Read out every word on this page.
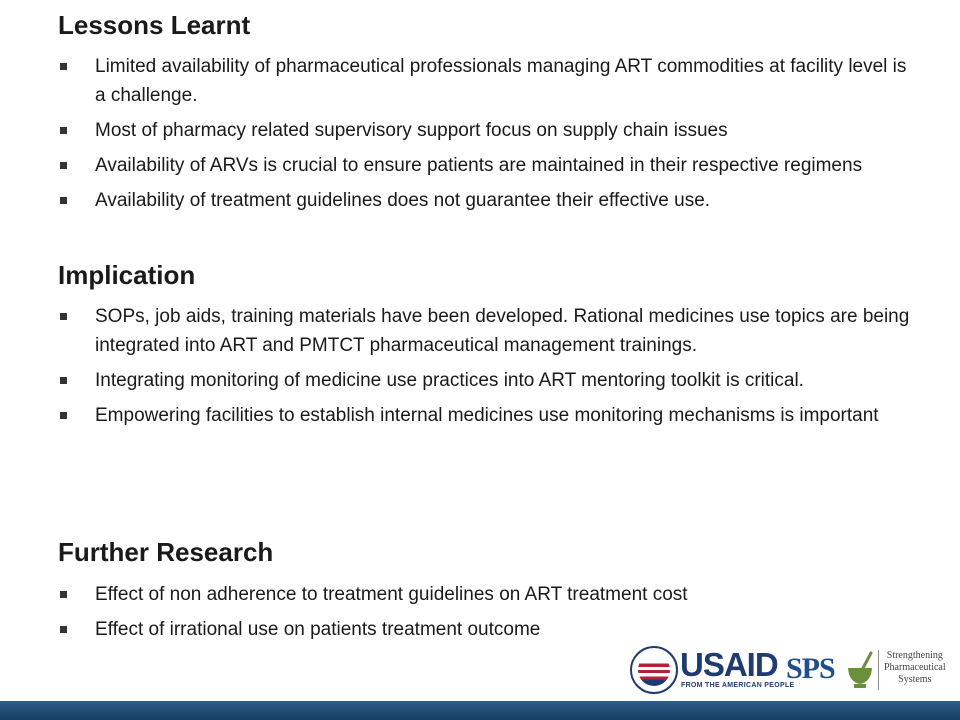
Lessons Learnt
Limited availability of pharmaceutical professionals managing ART commodities at facility level is a challenge.
Most of pharmacy related supervisory support focus on supply chain issues
Availability of ARVs is crucial to ensure patients are maintained in their respective regimens
Availability of treatment guidelines does not guarantee their effective use.
Implication
SOPs, job aids, training materials have been developed. Rational medicines use topics are being integrated into ART and PMTCT pharmaceutical management trainings.
Integrating monitoring of medicine use practices into ART mentoring toolkit is critical.
Empowering facilities to establish internal medicines use monitoring mechanisms is important
Further Research
Effect of non adherence to treatment guidelines on ART treatment cost
Effect of irrational use on patients treatment outcome
USAID
FROM THE AMERICAN PEOPLE
SPS	Strengthening
Pharmaceutical
Systems
